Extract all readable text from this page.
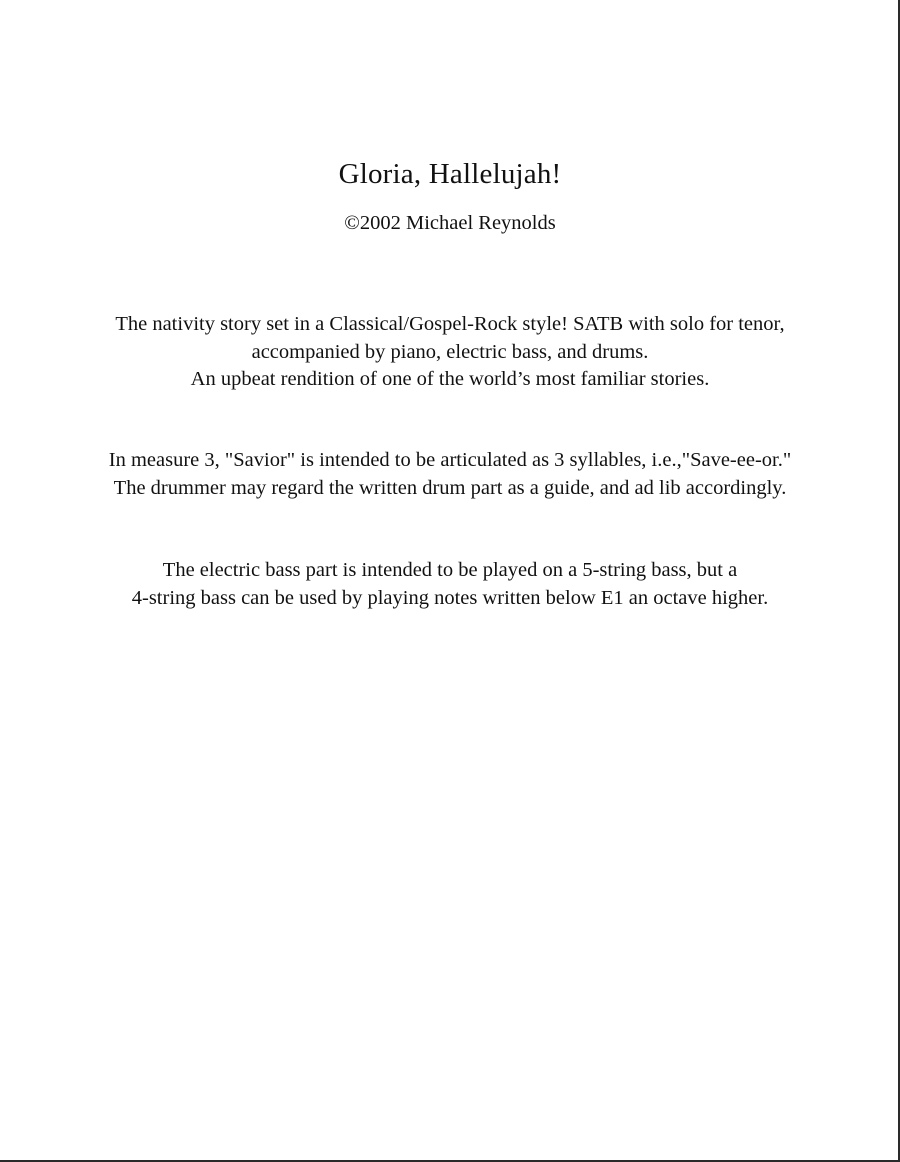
Gloria, Hallelujah!
©2002 Michael Reynolds
The nativity story set in a Classical/Gospel-Rock style! SATB with solo for tenor,
accompanied by piano, electric bass, and drums.
An upbeat rendition of one of the world’s most familiar stories.
In measure 3, "Savior" is intended to be articulated as 3 syllables, i.e.,"Save-ee-or."
The drummer may regard the written drum part as a guide, and ad lib accordingly.
The electric bass part is intended to be played on a 5-string bass, but a
4-string bass can be used by playing notes written below E1 an octave higher.
